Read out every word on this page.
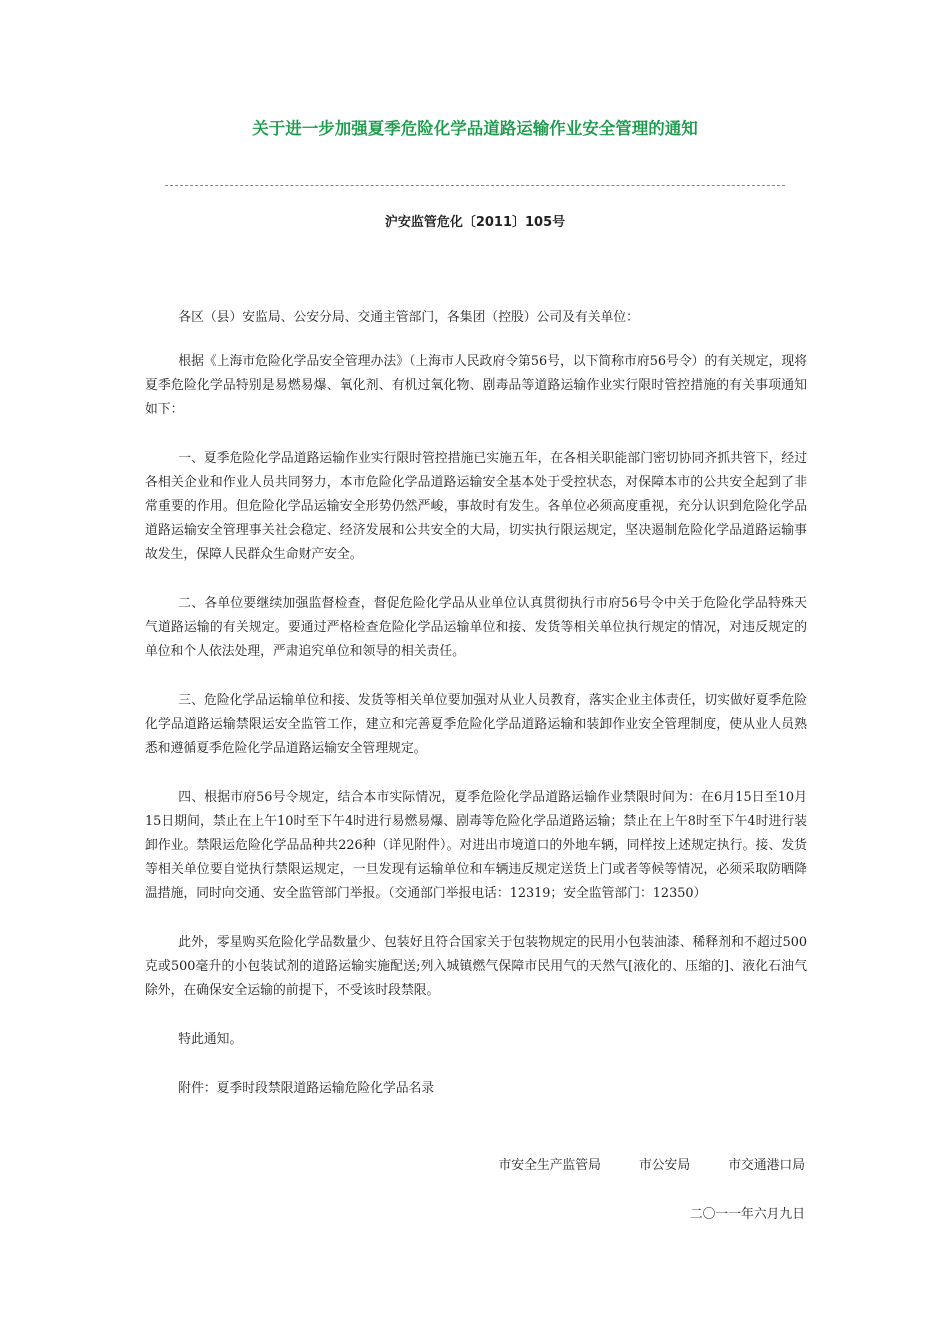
关于进一步加强夏季危险化学品道路运输作业安全管理的通知
沪安监管危化〔2011〕105号

各区（县）安监局、公安分局、交通主管部门，各集团（控股）公司及有关单位：

根据《上海市危险化学品安全管理办法》（上海市人民政府令第56号，以下简称市府56号令）的有关规定，现将夏季危险化学品特别是易燃易爆、氧化剂、有机过氧化物、剧毒品等道路运输作业实行限时管控措施的有关事项通知如下：

一、夏季危险化学品道路运输作业实行限时管控措施已实施五年，在各相关职能部门密切协同齐抓共管下，经过各相关企业和作业人员共同努力，本市危险化学品道路运输安全基本处于受控状态，对保障本市的公共安全起到了非常重要的作用。但危险化学品运输安全形势仍然严峻，事故时有发生。各单位必须高度重视，充分认识到危险化学品道路运输安全管理事关社会稳定、经济发展和公共安全的大局，切实执行限运规定，坚决遏制危险化学品道路运输事故发生，保障人民群众生命财产安全。

二、各单位要继续加强监督检查，督促危险化学品从业单位认真贯彻执行市府56号令中关于危险化学品特殊天气道路运输的有关规定。要通过严格检查危险化学品运输单位和接、发货等相关单位执行规定的情况，对违反规定的单位和个人依法处理，严肃追究单位和领导的相关责任。

三、危险化学品运输单位和接、发货等相关单位要加强对从业人员教育，落实企业主体责任，切实做好夏季危险化学品道路运输禁限运安全监管工作，建立和完善夏季危险化学品道路运输和装卸作业安全管理制度，使从业人员熟悉和遵循夏季危险化学品道路运输安全管理规定。

四、根据市府56号令规定，结合本市实际情况，夏季危险化学品道路运输作业禁限时间为：在6月15日至10月15日期间，禁止在上午10时至下午4时进行易燃易爆、剧毒等危险化学品道路运输；禁止在上午8时至下午4时进行装卸作业。禁限运危险化学品品种共226种（详见附件）。对进出市境道口的外地车辆，同样按上述规定执行。接、发货等相关单位要自觉执行禁限运规定，一旦发现有运输单位和车辆违反规定送货上门或者等候等情况，必须采取防晒降温措施，同时向交通、安全监管部门举报。（交通部门举报电话：12319；安全监管部门：12350）

此外，零星购买危险化学品数量少、包装好且符合国家关于包装物规定的民用小包装油漆、稀释剂和不超过500克或500毫升的小包装试剂的道路运输实施配送;列入城镇燃气保障市民用气的天然气[液化的、压缩的]、液化石油气除外，在确保安全运输的前提下，不受该时段禁限。

特此通知。

附件：夏季时段禁限道路运输危险化学品名录

市安全生产监管局	市公安局	市交通港口局
二〇一一年六月九日
